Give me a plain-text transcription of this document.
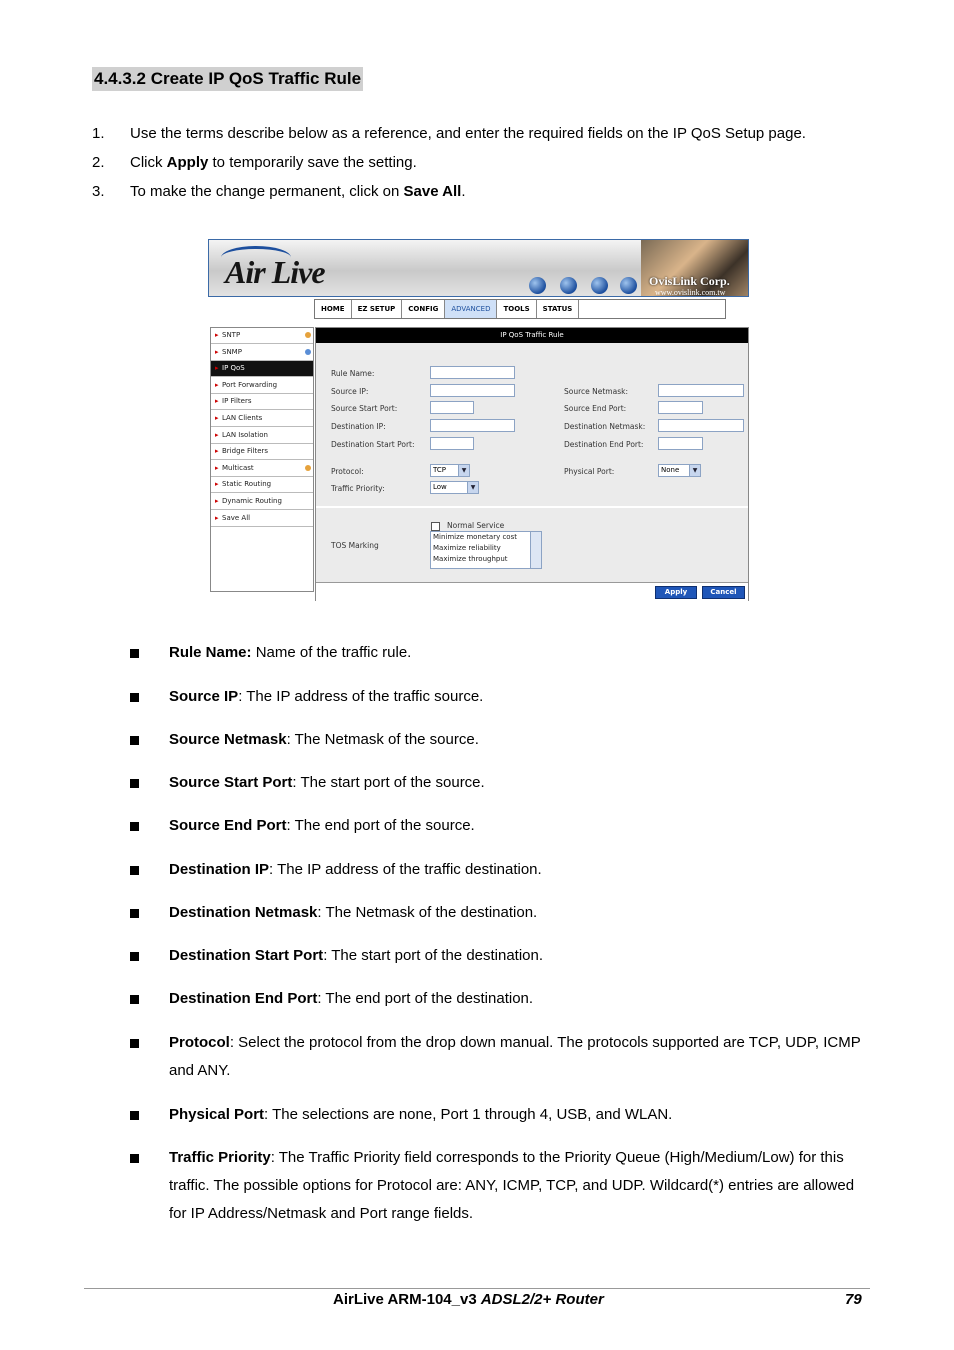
4.4.3.2 Create IP QoS Traffic Rule
1. Use the terms describe below as a reference, and enter the required fields on the IP QoS Setup page.
2. Click Apply to temporarily save the setting.
3. To make the change permanent, click on Save All.
Air Live	OvisLink Corp.
www.ovislink.com.tw
HOME	EZ SETUP	CONFIG	ADVANCED	TOOLS	STATUS
▸ SNTP
▸ SNMP
▸ IP QoS
▸ Port Forwarding
▸ IP Filters
▸ LAN Clients
▸ LAN Isolation
▸ Bridge Filters
▸ Multicast
▸ Static Routing
▸ Dynamic Routing
▸ Save All
IP QoS Traffic Rule
Rule Name:
Source IP:	Source Netmask:
Source Start Port:	Source End Port:
Destination IP:	Destination Netmask:
Destination Start Port:	Destination End Port:
Protocol:	TCP	▼	Physical Port:	None	▼
Traffic Priority:	Low	▼
TOS Marking
Normal Service
Minimize monetary cost
Maximize reliability
Maximize throughput
Apply	Cancel
Rule Name: Name of the traffic rule.
Source IP: The IP address of the traffic source.
Source Netmask: The Netmask of the source.
Source Start Port: The start port of the source.
Source End Port: The end port of the source.
Destination IP: The IP address of the traffic destination.
Destination Netmask: The Netmask of the destination.
Destination Start Port: The start port of the destination.
Destination End Port: The end port of the destination.
Protocol: Select the protocol from the drop down manual. The protocols supported are TCP, UDP, ICMP and ANY.
Physical Port: The selections are none, Port 1 through 4, USB, and WLAN.
Traffic Priority: The Traffic Priority field corresponds to the Priority Queue (High/Medium/Low) for this traffic. The possible options for Protocol are: ANY, ICMP, TCP, and UDP. Wildcard(*) entries are allowed for IP Address/Netmask and Port range fields.
AirLive ARM-104_v3 ADSL2/2+ Router	79
